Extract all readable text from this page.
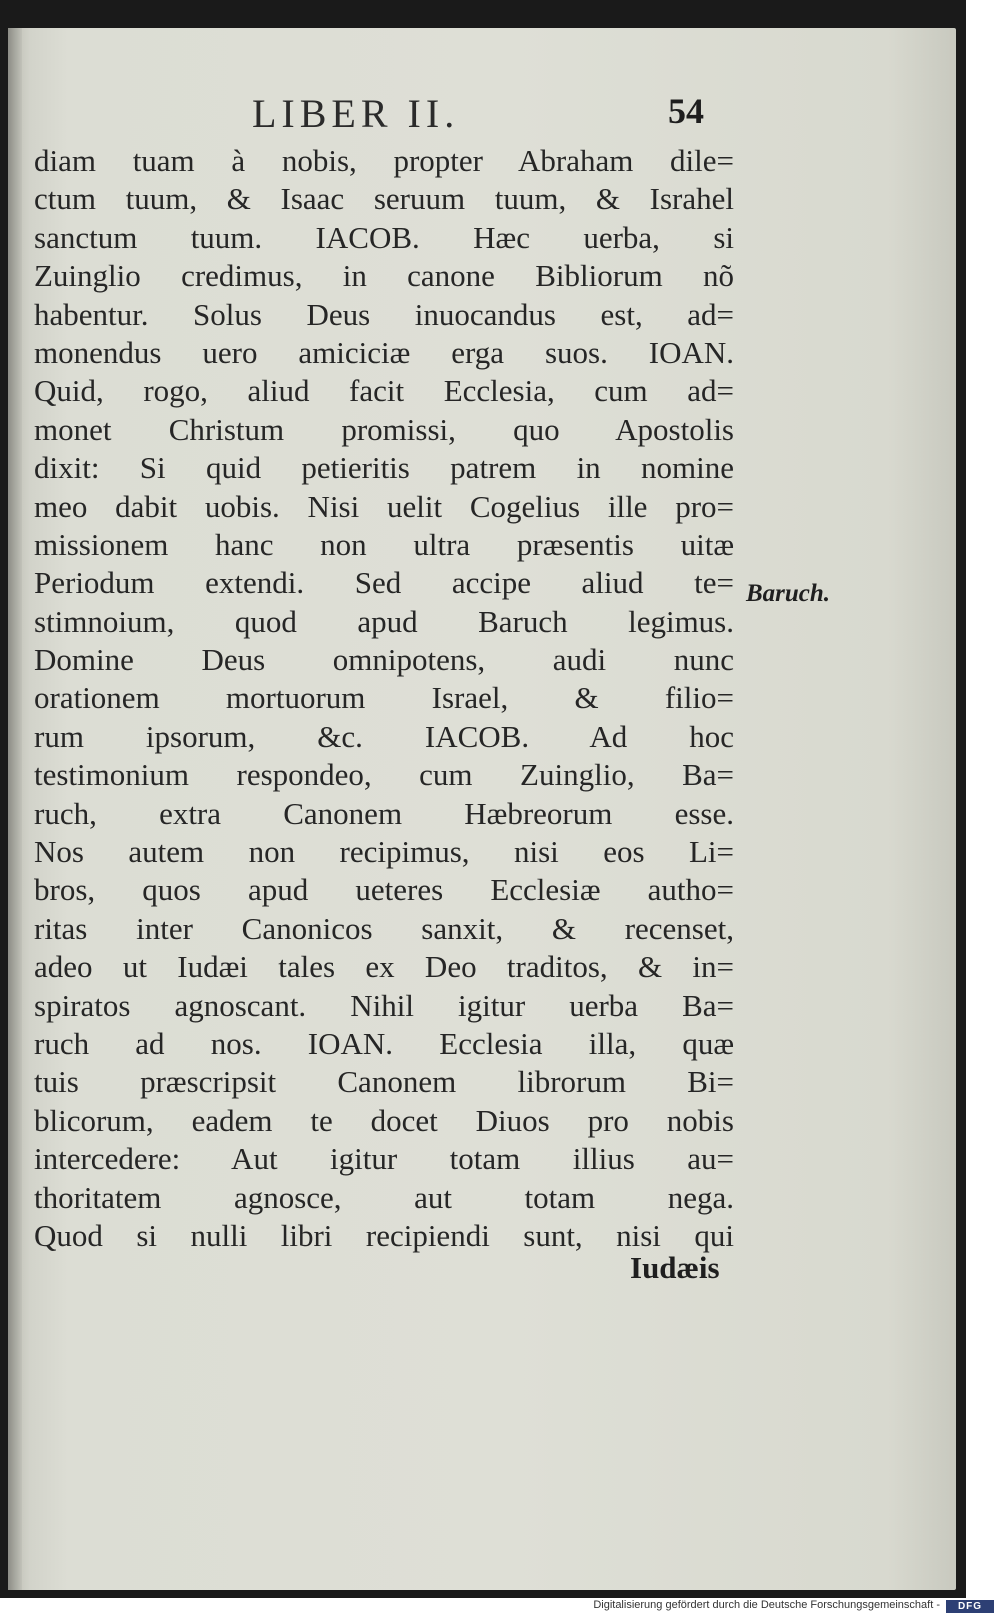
LIBER II.	54
diam tuam à nobis, propter Abraham dile=
ctum tuum, & Isaac seruum tuum, & Israhel
sanctum tuum. IACOB. Hæc uerba, si
Zuinglio credimus, in canone Bibliorum nõ
habentur. Solus Deus inuocandus est, ad=
monendus uero amiciciæ erga suos. IOAN.
Quid, rogo, aliud facit Ecclesia, cum ad=
monet Christum promissi, quo Apostolis
dixit: Si quid petieritis patrem in nomine
meo dabit uobis. Nisi uelit Cogelius ille pro=
missionem hanc non ultra præsentis uitæ
Periodum extendi. Sed accipe aliud te=
stimnoium, quod apud Baruch legimus.
Domine Deus omnipotens, audi nunc
orationem mortuorum Israel, & filio=
rum ipsorum, &c. IACOB. Ad hoc
testimonium respondeo, cum Zuinglio, Ba=
ruch, extra Canonem Hæbreorum esse.
Nos autem non recipimus, nisi eos Li=
bros, quos apud ueteres Ecclesiæ autho=
ritas inter Canonicos sanxit, & recenset,
adeo ut Iudæi tales ex Deo traditos, & in=
spiratos agnoscant. Nihil igitur uerba Ba=
ruch ad nos. IOAN. Ecclesia illa, quæ
tuis præscripsit Canonem librorum Bi=
blicorum, eadem te docet Diuos pro nobis
intercedere: Aut igitur totam illius au=
thoritatem agnosce, aut totam nega.
Quod si nulli libri recipiendi sunt, nisi qui
Baruch.
Iudæis
Digitalisierung gefördert durch die Deutsche Forschungsgemeinschaft -	DFG
